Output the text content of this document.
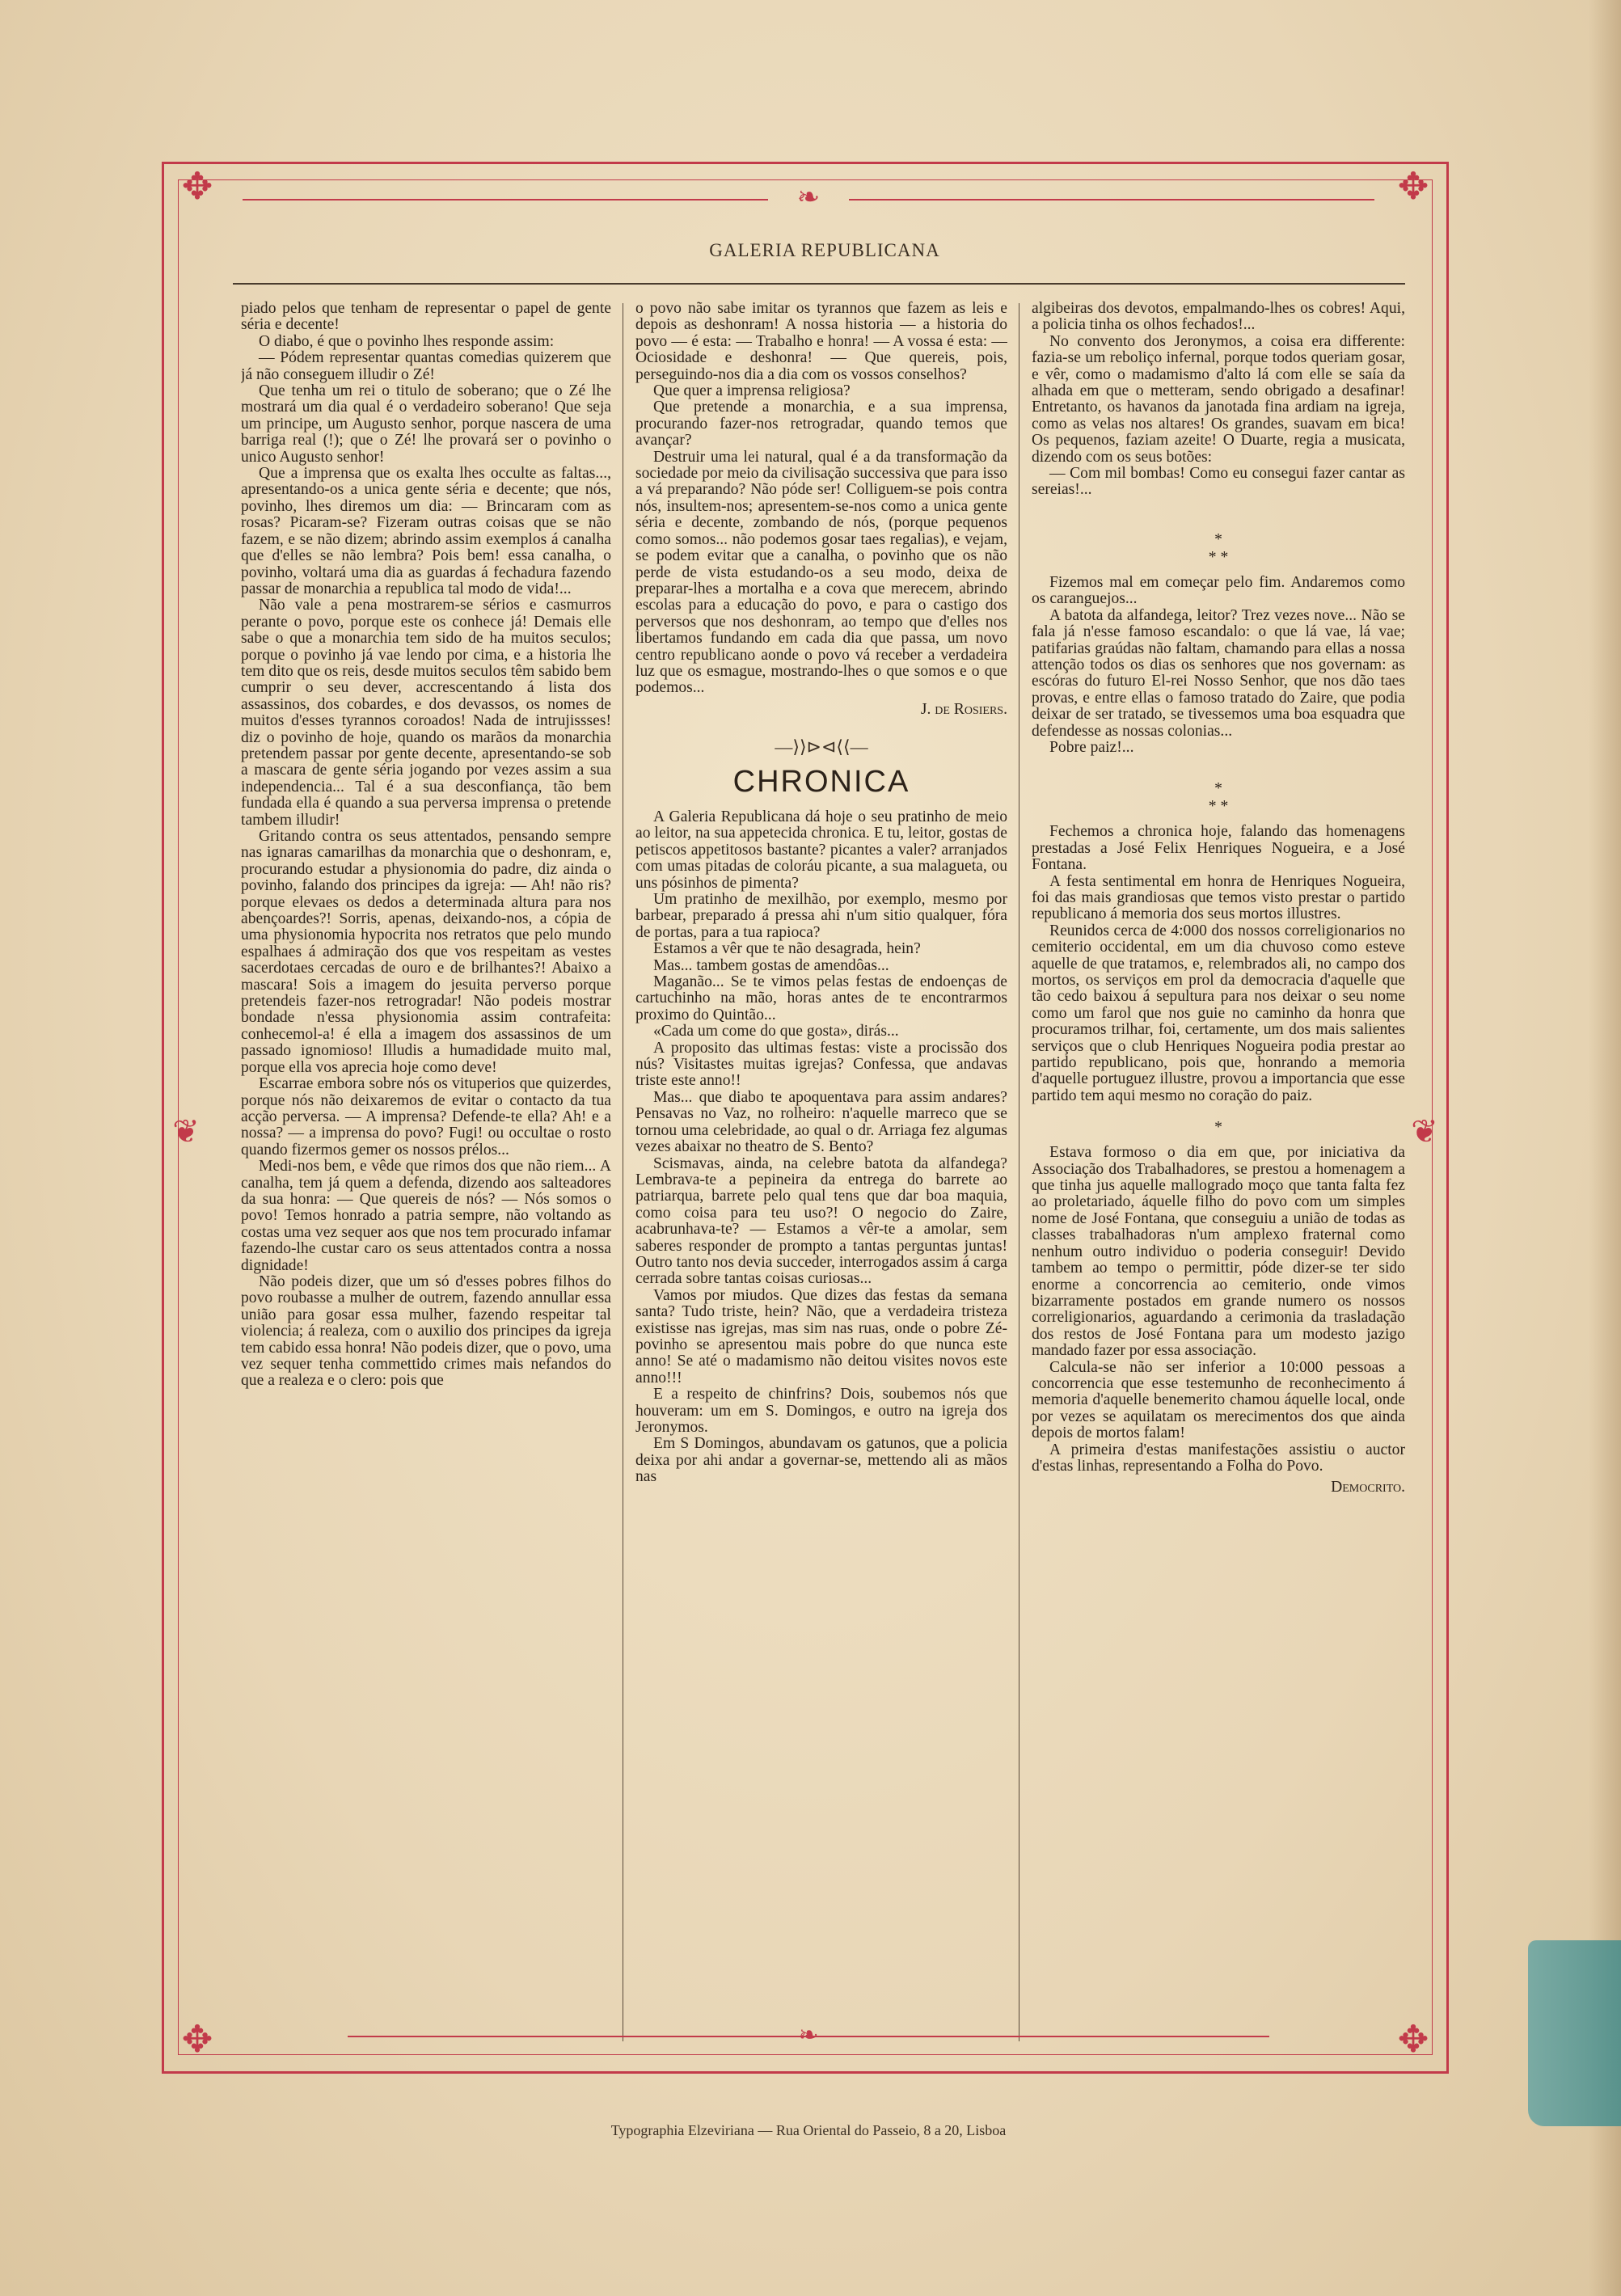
✥	✥
✥	✥
❦	❦
❧
GALERIA REPUBLICANA

piado pelos que tenham de representar o papel de gente séria e decente!

O diabo, é que o povinho lhes responde assim:

— Pódem representar quantas comedias quizerem que já não conseguem illudir o Zé!

Que tenha um rei o titulo de soberano; que o Zé lhe mostrará um dia qual é o verdadeiro soberano! Que seja um principe, um Augusto senhor, porque nascera de uma barriga real (!); que o Zé! lhe provará ser o povinho o unico Augusto senhor!

Que a imprensa que os exalta lhes occulte as faltas..., apresentando-os a unica gente séria e decente; que nós, povinho, lhes diremos um dia: — Brincaram com as rosas? Picaram-se? Fizeram outras coisas que se não fazem, e se não dizem; abrindo assim exemplos á canalha que d'elles se não lembra? Pois bem! essa canalha, o povinho, voltará uma dia as guardas á fechadura fazendo passar de monarchia a republica tal modo de vida!...

Não vale a pena mostrarem-se sérios e casmurros perante o povo, porque este os conhece já! Demais elle sabe o que a monarchia tem sido de ha muitos seculos; porque o povinho já vae lendo por cima, e a historia lhe tem dito que os reis, desde muitos seculos têm sabido bem cumprir o seu dever, accrescentando á lista dos assassinos, dos cobardes, e dos devassos, os nomes de muitos d'esses tyrannos coroados! Nada de intrujissses! diz o povinho de hoje, quando os marãos da monarchia pretendem passar por gente decente, apresentando-se sob a mascara de gente séria jogando por vezes assim a sua independencia... Tal é a sua desconfiança, tão bem fundada ella é quando a sua perversa imprensa o pretende tambem illudir!

Gritando contra os seus attentados, pensando sempre nas ignaras camarilhas da monarchia que o deshonram, e, procurando estudar a physionomia do padre, diz ainda o povinho, falando dos principes da igreja: — Ah! não ris? porque elevaes os dedos a determinada altura para nos abençoardes?! Sorris, apenas, deixando-nos, a cópia de uma physionomia hypocrita nos retratos que pelo mundo espalhaes á admiração dos que vos respeitam as vestes sacerdotaes cercadas de ouro e de brilhantes?! Abaixo a mascara! Sois a imagem do jesuita perverso porque pretendeis fazer-nos retrogradar! Não podeis mostrar bondade n'essa physionomia assim contrafeita: conhecemol-a! é ella a imagem dos assassinos de um passado ignomioso! Illudis a humadidade muito mal, porque ella vos aprecia hoje como deve!

Escarrae embora sobre nós os vituperios que quizerdes, porque nós não deixaremos de evitar o contacto da tua acção perversa. — A imprensa? Defende-te ella? Ah! e a nossa? — a imprensa do povo? Fugi! ou occultae o rosto quando fizermos gemer os nossos prélos...

Medi-nos bem, e vêde que rimos dos que não riem... A canalha, tem já quem a defenda, dizendo aos salteadores da sua honra: — Que quereis de nós? — Nós somos o povo! Temos honrado a patria sempre, não voltando as costas uma vez sequer aos que nos tem procurado infamar fazendo-lhe custar caro os seus attentados contra a nossa dignidade!

Não podeis dizer, que um só d'esses pobres filhos do povo roubasse a mulher de outrem, fazendo annullar essa união para gosar essa mulher, fazendo respeitar tal violencia; á realeza, com o auxilio dos principes da igreja tem cabido essa honra! Não podeis dizer, que o povo, uma vez sequer tenha commettido crimes mais nefandos do que a realeza e o clero: pois que

o povo não sabe imitar os tyrannos que fazem as leis e depois as deshonram! A nossa historia — a historia do povo — é esta: — Trabalho e honra! — A vossa é esta: — Ociosidade e deshonra! — Que quereis, pois, perseguindo-nos dia a dia com os vossos conselhos?

Que quer a imprensa religiosa?

Que pretende a monarchia, e a sua imprensa, procurando fazer-nos retrogradar, quando temos que avançar?

Destruir uma lei natural, qual é a da transformação da sociedade por meio da civilisação successiva que para isso a vá preparando? Não póde ser! Colliguem-se pois contra nós, insultem-nos; apresentem-se-nos como a unica gente séria e decente, zombando de nós, (porque pequenos como somos... não podemos gosar taes regalias), e vejam, se podem evitar que a canalha, o povinho que os não perde de vista estudando-os a seu modo, deixa de preparar-lhes a mortalha e a cova que merecem, abrindo escolas para a educação do povo, e para o castigo dos perversos que nos deshonram, ao tempo que d'elles nos libertamos fundando em cada dia que passa, um novo centro republicano aonde o povo vá receber a verdadeira luz que os esmague, mostrando-lhes o que somos e o que podemos...

J. de Rosiers.

—⟩⟩⊳⊲⟨⟨—

CHRONICA

A Galeria Republicana dá hoje o seu pratinho de meio ao leitor, na sua appetecida chronica. E tu, leitor, gostas de petiscos appetitosos bastante? picantes a valer? arranjados com umas pitadas de coloráu picante, a sua malagueta, ou uns pósinhos de pimenta?

Um pratinho de mexilhão, por exemplo, mesmo por barbear, preparado á pressa ahi n'um sitio qualquer, fóra de portas, para a tua rapioca?

Estamos a vêr que te não desagrada, hein?

Mas... tambem gostas de amendôas...

Maganão... Se te vimos pelas festas de endoenças de cartuchinho na mão, horas antes de te encontrarmos proximo do Quintão...

«Cada um come do que gosta», dirás...

A proposito das ultimas festas: viste a procissão dos nús? Visitastes muitas igrejas? Confessa, que andavas triste este anno!!

Mas... que diabo te apoquentava para assim andares? Pensavas no Vaz, no rolheiro: n'aquelle marreco que se tornou uma celebridade, ao qual o dr. Arriaga fez algumas vezes abaixar no theatro de S. Bento?

Scismavas, ainda, na celebre batota da alfandega? Lembrava-te a pepineira da entrega do barrete ao patriarqua, barrete pelo qual tens que dar boa maquia, como coisa para teu uso?! O negocio do Zaire, acabrunhava-te? — Estamos a vêr-te a amolar, sem saberes responder de prompto a tantas perguntas juntas! Outro tanto nos devia succeder, interrogados assim á carga cerrada sobre tantas coisas curiosas...

Vamos por miudos. Que dizes das festas da semana santa? Tudo triste, hein? Não, que a verdadeira tristeza existisse nas igrejas, mas sim nas ruas, onde o pobre Zé-povinho se apresentou mais pobre do que nunca este anno! Se até o madamismo não deitou visites novos este anno!!!

E a respeito de chinfrins? Dois, soubemos nós que houveram: um em S. Domingos, e outro na igreja dos Jeronymos.

Em S Domingos, abundavam os gatunos, que a policia deixa por ahi andar a governar-se, mettendo ali as mãos nas

algibeiras dos devotos, empalmando-lhes os cobres! Aqui, a policia tinha os olhos fechados!...

No convento dos Jeronymos, a coisa era differente: fazia-se um reboliço infernal, porque todos queriam gosar, e vêr, como o madamismo d'alto lá com elle se saía da alhada em que o metteram, sendo obrigado a desafinar! Entretanto, os havanos da janotada fina ardiam na igreja, como as velas nos altares! Os grandes, suavam em bica! Os pequenos, faziam azeite! O Duarte, regia a musicata, dizendo com os seus botões:

— Com mil bombas! Como eu consegui fazer cantar as sereias!...

*
* *

Fizemos mal em começar pelo fim. Andaremos como os caranguejos...

A batota da alfandega, leitor? Trez vezes nove... Não se fala já n'esse famoso escandalo: o que lá vae, lá vae; patifarias graúdas não faltam, chamando para ellas a nossa attenção todos os dias os senhores que nos governam: as escóras do futuro El-rei Nosso Senhor, que nos dão taes provas, e entre ellas o famoso tratado do Zaire, que podia deixar de ser tratado, se tivessemos uma boa esquadra que defendesse as nossas colonias...

Pobre paiz!...

*
* *

Fechemos a chronica hoje, falando das homenagens prestadas a José Felix Henriques Nogueira, e a José Fontana.

A festa sentimental em honra de Henriques Nogueira, foi das mais grandiosas que temos visto prestar o partido republicano á memoria dos seus mortos illustres.

Reunidos cerca de 4:000 dos nossos correligionarios no cemiterio occidental, em um dia chuvoso como esteve aquelle de que tratamos, e, relembrados ali, no campo dos mortos, os serviços em prol da democracia d'aquelle que tão cedo baixou á sepultura para nos deixar o seu nome como um farol que nos guie no caminho da honra que procuramos trilhar, foi, certamente, um dos mais salientes serviços que o club Henriques Nogueira podia prestar ao partido republicano, pois que, honrando a memoria d'aquelle portuguez illustre, provou a importancia que esse partido tem aqui mesmo no coração do paiz.

*

Estava formoso o dia em que, por iniciativa da Associação dos Trabalhadores, se prestou a homenagem a que tinha jus aquelle mallogrado moço que tanta falta fez ao proletariado, áquelle filho do povo com um simples nome de José Fontana, que conseguiu a união de todas as classes trabalhadoras n'um amplexo fraternal como nenhum outro individuo o poderia conseguir! Devido tambem ao tempo o permittir, póde dizer-se ter sido enorme a concorrencia ao cemiterio, onde vimos bizarramente postados em grande numero os nossos correligionarios, aguardando a cerimonia da trasladação dos restos de José Fontana para um modesto jazigo mandado fazer por essa associação.

Calcula-se não ser inferior a 10:000 pessoas a concorrencia que esse testemunho de reconhecimento á memoria d'aquelle benemerito chamou áquelle local, onde por vezes se aquilatam os merecimentos dos que ainda depois de mortos falam!

A primeira d'estas manifestações assistiu o auctor d'estas linhas, representando a Folha do Povo.

Democrito.

❧
Typographia Elzeviriana — Rua Oriental do Passeio, 8 a 20, Lisboa
